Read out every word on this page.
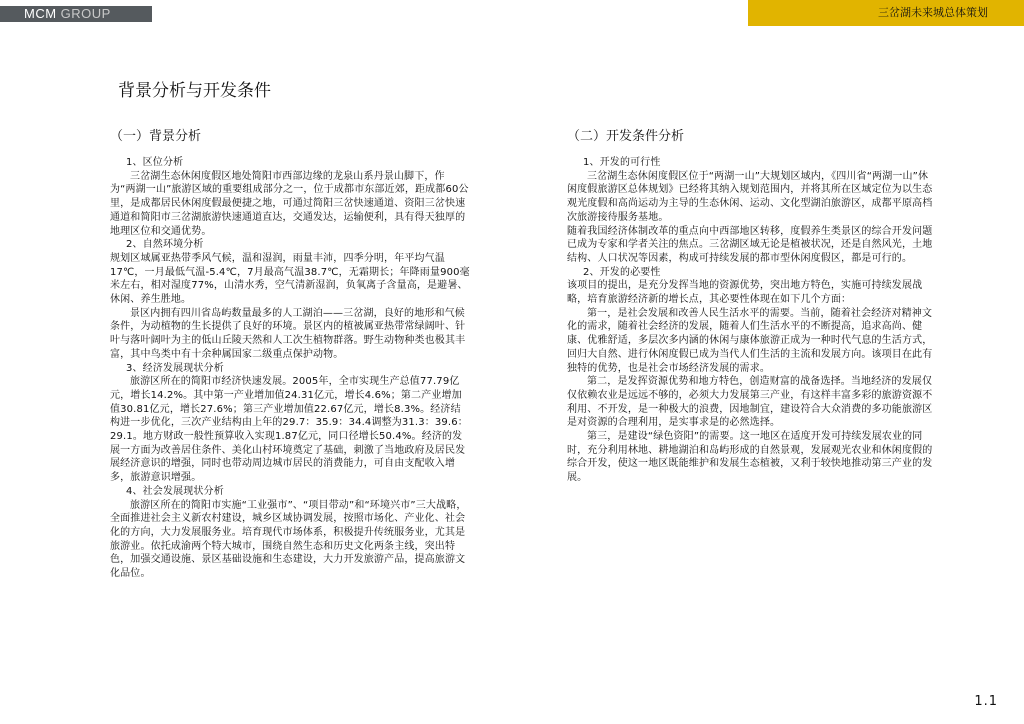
MCM GROUP	三岔湖未来城总体策划
背景分析与开发条件
（一）背景分析

1、区位分析

三岔湖生态休闲度假区地处简阳市西部边缘的龙泉山系丹景山脚下，作为“两湖一山”旅游区域的重要组成部分之一，位于成都市东部近郊，距成都60公里，是成都居民休闲度假最便捷之地，可通过简阳三岔快速通道、资阳三岔快速通道和简阳市三岔湖旅游快速通道直达，交通发达，运输便利，具有得天独厚的地理区位和交通优势。

2、自然环境分析

规划区域属亚热带季风气候，温和湿润，雨量丰沛，四季分明，年平均气温17℃，一月最低气温-5.4℃，7月最高气温38.7℃，无霜期长；年降雨量900毫米左右，相对湿度77%，山清水秀，空气清新湿润，负氧离子含量高，是避暑、休闲、养生胜地。

景区内拥有四川省岛屿数量最多的人工湖泊——三岔湖，良好的地形和气候条件，为动植物的生长提供了良好的环境。景区内的植被属亚热带常绿阔叶、针叶与落叶阔叶为主的低山丘陵天然和人工次生植物群落。野生动物种类也极其丰富，其中鸟类中有十余种属国家二级重点保护动物。

3、经济发展现状分析

旅游区所在的简阳市经济快速发展。2005年，全市实现生产总值77.79亿元，增长14.2%。其中第一产业增加值24.31亿元，增长4.6%；第二产业增加值30.81亿元，增长27.6%；第三产业增加值22.67亿元，增长8.3%。经济结构进一步优化，三次产业结构由上年的29.7：35.9：34.4调整为31.3：39.6：29.1。地方财政一般性预算收入实现1.87亿元，同口径增长50.4%。经济的发展一方面为改善居住条件、美化山村环境奠定了基础，刺激了当地政府及居民发展经济意识的增强，同时也带动周边城市居民的消费能力，可自由支配收入增多，旅游意识增强。

4、社会发展现状分析

旅游区所在的简阳市实施“工业强市”、“项目带动”和“环境兴市”三大战略，全面推进社会主义新农村建设，城乡区域协调发展，按照市场化、产业化、社会化的方向，大力发展服务业。培育现代市场体系，积极提升传统服务业，尤其是旅游业。依托成渝两个特大城市，围绕自然生态和历史文化两条主线，突出特色，加强交通设施、景区基础设施和生态建设，大力开发旅游产品，提高旅游文化品位。

（二）开发条件分析

1、开发的可行性

三岔湖生态休闲度假区位于“两湖一山”大规划区域内，《四川省“两湖一山”休闲度假旅游区总体规划》已经将其纳入规划范围内，并将其所在区域定位为以生态观光度假和高尚运动为主导的生态休闲、运动、文化型湖泊旅游区，成都平原高档次旅游接待服务基地。

随着我国经济体制改革的重点向中西部地区转移，度假养生类景区的综合开发问题已成为专家和学者关注的焦点。三岔湖区域无论是植被状况，还是自然风光，土地结构、人口状况等因素，构成可持续发展的都市型休闲度假区，都是可行的。

2、开发的必要性

该项目的提出，是充分发挥当地的资源优势，突出地方特色，实施可持续发展战略，培育旅游经济新的增长点，其必要性体现在如下几个方面：

第一，是社会发展和改善人民生活水平的需要。当前，随着社会经济对精神文化的需求，随着社会经济的发展，随着人们生活水平的不断提高，追求高尚、健康、优雅舒适，多层次多内涵的休闲与康体旅游正成为一种时代气息的生活方式，回归大自然、进行休闲度假已成为当代人们生活的主流和发展方向。该项目在此有独特的优势，也是社会市场经济发展的需求。

第二，是发挥资源优势和地方特色，创造财富的战备选择。当地经济的发展仅仅依赖农业是远远不够的，必须大力发展第三产业，有这样丰富多彩的旅游资源不利用、不开发，是一种极大的浪费，因地制宜，建设符合大众消费的多功能旅游区是对资源的合理利用，是实事求是的必然选择。

第三，是建设“绿色资阳”的需要。这一地区在适度开发可持续发展农业的同时，充分利用林地、耕地湖泊和岛屿形成的自然景观，发展观光农业和休闲度假的综合开发，使这一地区既能维护和发展生态植被，又利于较快地推动第三产业的发展。

1.1
